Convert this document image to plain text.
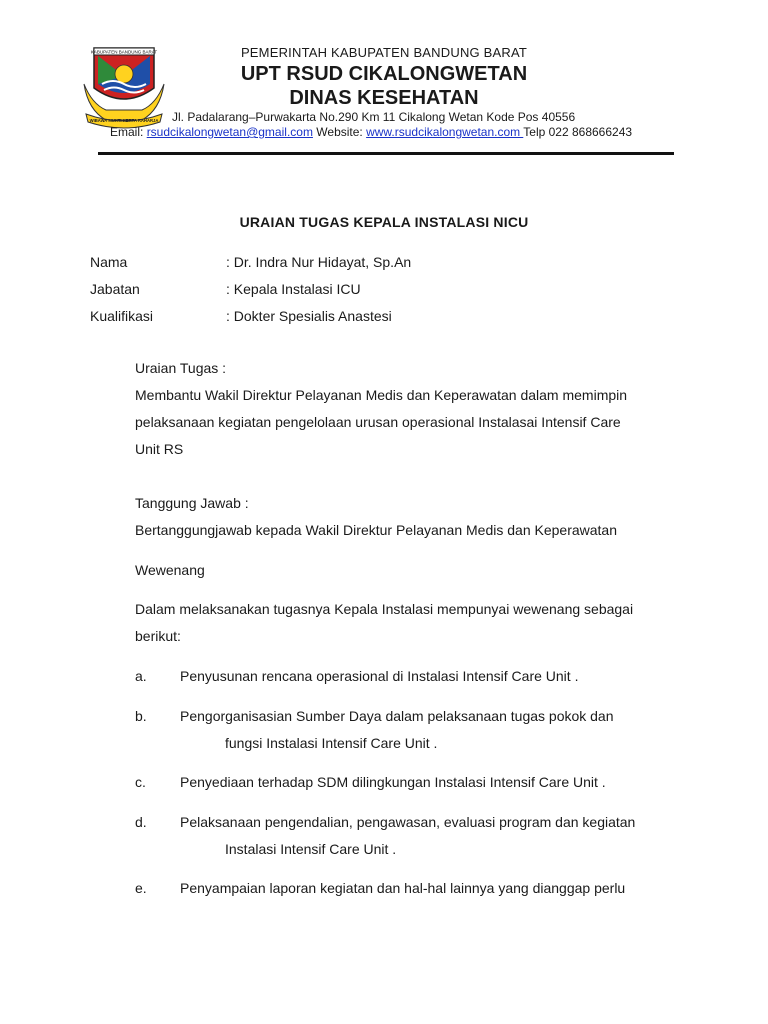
KABUPATEN BANDUNG BARAT
WIBAWA MUKTI KERTA RAHARJA
PEMERINTAH KABUPATEN BANDUNG BARAT
UPT RSUD CIKALONGWETAN
DINAS KESEHATAN
Jl. Padalarang–Purwakarta No.290 Km 11 Cikalong Wetan Kode Pos 40556
Email: rsudcikalongwetan@gmail.com Website: www.rsudcikalongwetan.com Telp 022 868666243
URAIAN TUGAS KEPALA INSTALASI NICU
Nama	: Dr. Indra Nur Hidayat, Sp.An
Jabatan	: Kepala Instalasi ICU
Kualifikasi	: Dokter Spesialis Anastesi
Uraian Tugas :
Membantu Wakil Direktur Pelayanan Medis dan Keperawatan dalam memimpin
pelaksanaan kegiatan pengelolaan urusan operasional Instalasai Intensif Care
Unit RS
Tanggung Jawab :
Bertanggungjawab kepada Wakil Direktur Pelayanan Medis dan Keperawatan
Wewenang
Dalam melaksanakan tugasnya Kepala Instalasi mempunyai wewenang sebagai
berikut:
a. Penyusunan rencana operasional di Instalasi Intensif Care Unit .
b. Pengorganisasian Sumber Daya dalam pelaksanaan tugas pokok dan
fungsi Instalasi Intensif Care Unit .
c. Penyediaan terhadap SDM dilingkungan Instalasi Intensif Care Unit .
d. Pelaksanaan pengendalian, pengawasan, evaluasi program dan kegiatan
Instalasi Intensif Care Unit .
e. Penyampaian laporan kegiatan dan hal-hal lainnya yang dianggap perlu
